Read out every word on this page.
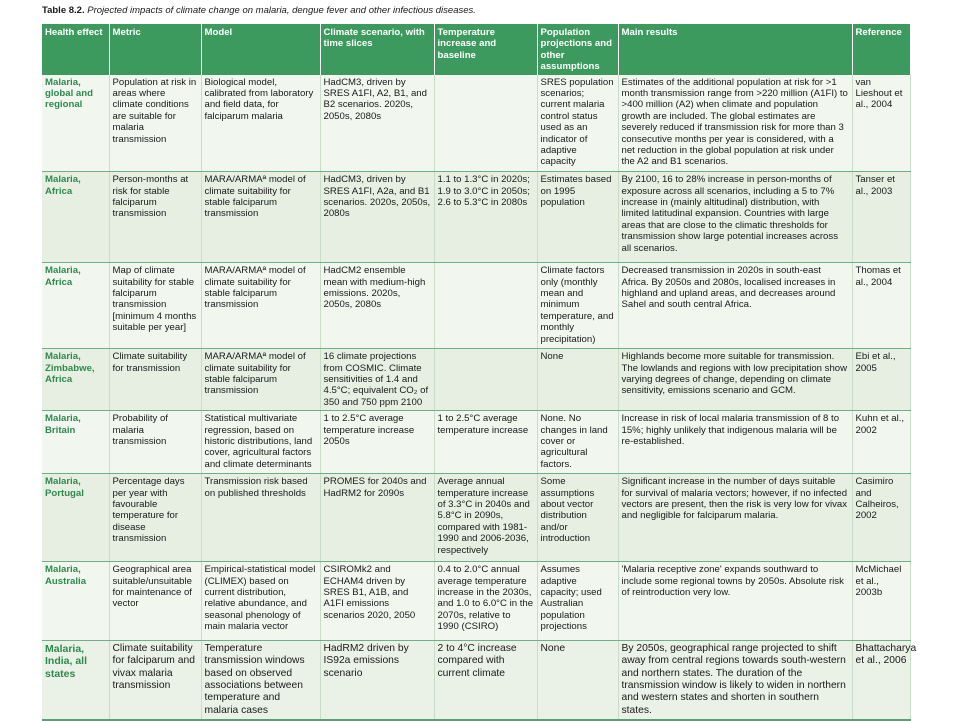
Table 8.2. Projected impacts of climate change on malaria, dengue fever and other infectious diseases.
Health effect	Metric	Model	Climate scenario, with time slices	Temperature increase and baseline	Population projections and other assumptions	Main results	Reference
Malaria, global and regional	Population at risk in areas where climate conditions are suitable for malaria transmission	Biological model, calibrated from laboratory and field data, for falciparum malaria	HadCM3, driven by SRES A1FI, A2, B1, and B2 scenarios. 2020s, 2050s, 2080s		SRES population scenarios; current malaria control status used as an indicator of adaptive capacity	Estimates of the additional population at risk for >1 month transmission range from >220 million (A1FI) to >400 million (A2) when climate and population growth are included. The global estimates are severely reduced if transmission risk for more than 3 consecutive months per year is considered, with a net reduction in the global population at risk under the A2 and B1 scenarios.	van Lieshout et al., 2004
Malaria, Africa	Person-months at risk for stable falciparum transmission	MARA/ARMAª model of climate suitability for stable falciparum transmission	HadCM3, driven by SRES A1FI, A2a, and B1 scenarios. 2020s, 2050s, 2080s	1.1 to 1.3°C in 2020s; 1.9 to 3.0°C in 2050s; 2.6 to 5.3°C in 2080s	Estimates based on 1995 population	By 2100, 16 to 28% increase in person-months of exposure across all scenarios, including a 5 to 7% increase in (mainly altitudinal) distribution, with limited latitudinal expansion. Countries with large areas that are close to the climatic thresholds for transmission show large potential increases across all scenarios.	Tanser et al., 2003
Malaria, Africa	Map of climate suitability for stable falciparum transmission [minimum 4 months suitable per year]	MARA/ARMAª model of climate suitability for stable falciparum transmission	HadCM2 ensemble mean with medium-high emissions. 2020s, 2050s, 2080s		Climate factors only (monthly mean and minimum temperature, and monthly precipitation)	Decreased transmission in 2020s in south-east Africa. By 2050s and 2080s, localised increases in highland and upland areas, and decreases around Sahel and south central Africa.	Thomas et al., 2004
Malaria, Zimbabwe, Africa	Climate suitability for transmission	MARA/ARMAª model of climate suitability for stable falciparum transmission	16 climate projections from COSMIC. Climate sensitivities of 1.4 and 4.5°C; equivalent CO₂ of 350 and 750 ppm 2100		None	Highlands become more suitable for transmission. The lowlands and regions with low precipitation show varying degrees of change, depending on climate sensitivity, emissions scenario and GCM.	Ebi et al., 2005
Malaria, Britain	Probability of malaria transmission	Statistical multivariate regression, based on historic distributions, land cover, agricultural factors and climate determinants	1 to 2.5°C average temperature increase 2050s	1 to 2.5°C average temperature increase	None. No changes in land cover or agricultural factors.	Increase in risk of local malaria transmission of 8 to 15%; highly unlikely that indigenous malaria will be re-established.	Kuhn et al., 2002
Malaria, Portugal	Percentage days per year with favourable temperature for disease transmission	Transmission risk based on published thresholds	PROMES for 2040s and HadRM2 for 2090s	Average annual temperature increase of 3.3°C in 2040s and 5.8°C in 2090s, compared with 1981-1990 and 2006-2036, respectively	Some assumptions about vector distribution and/or introduction	Significant increase in the number of days suitable for survival of malaria vectors; however, if no infected vectors are present, then the risk is very low for vivax and negligible for falciparum malaria.	Casimiro and Calheiros, 2002
Malaria, Australia	Geographical area suitable/unsuitable for maintenance of vector	Empirical-statistical model (CLIMEX) based on current distribution, relative abundance, and seasonal phenology of main malaria vector	CSIROMk2 and ECHAM4 driven by SRES B1, A1B, and A1FI emissions scenarios 2020, 2050	0.4 to 2.0°C annual average temperature increase in the 2030s, and 1.0 to 6.0°C in the 2070s, relative to 1990 (CSIRO)	Assumes adaptive capacity; used Australian population projections	'Malaria receptive zone' expands southward to include some regional towns by 2050s. Absolute risk of reintroduction very low.	McMichael et al., 2003b
Malaria, India, all states	Climate suitability for falciparum and vivax malaria transmission	Temperature transmission windows based on observed associations between temperature and malaria cases	HadRM2 driven by IS92a emissions scenario	2 to 4°C increase compared with current climate	None	By 2050s, geographical range projected to shift away from central regions towards south-western and northern states. The duration of the transmission window is likely to widen in northern and western states and shorten in southern states.	Bhattacharya et al., 2006
